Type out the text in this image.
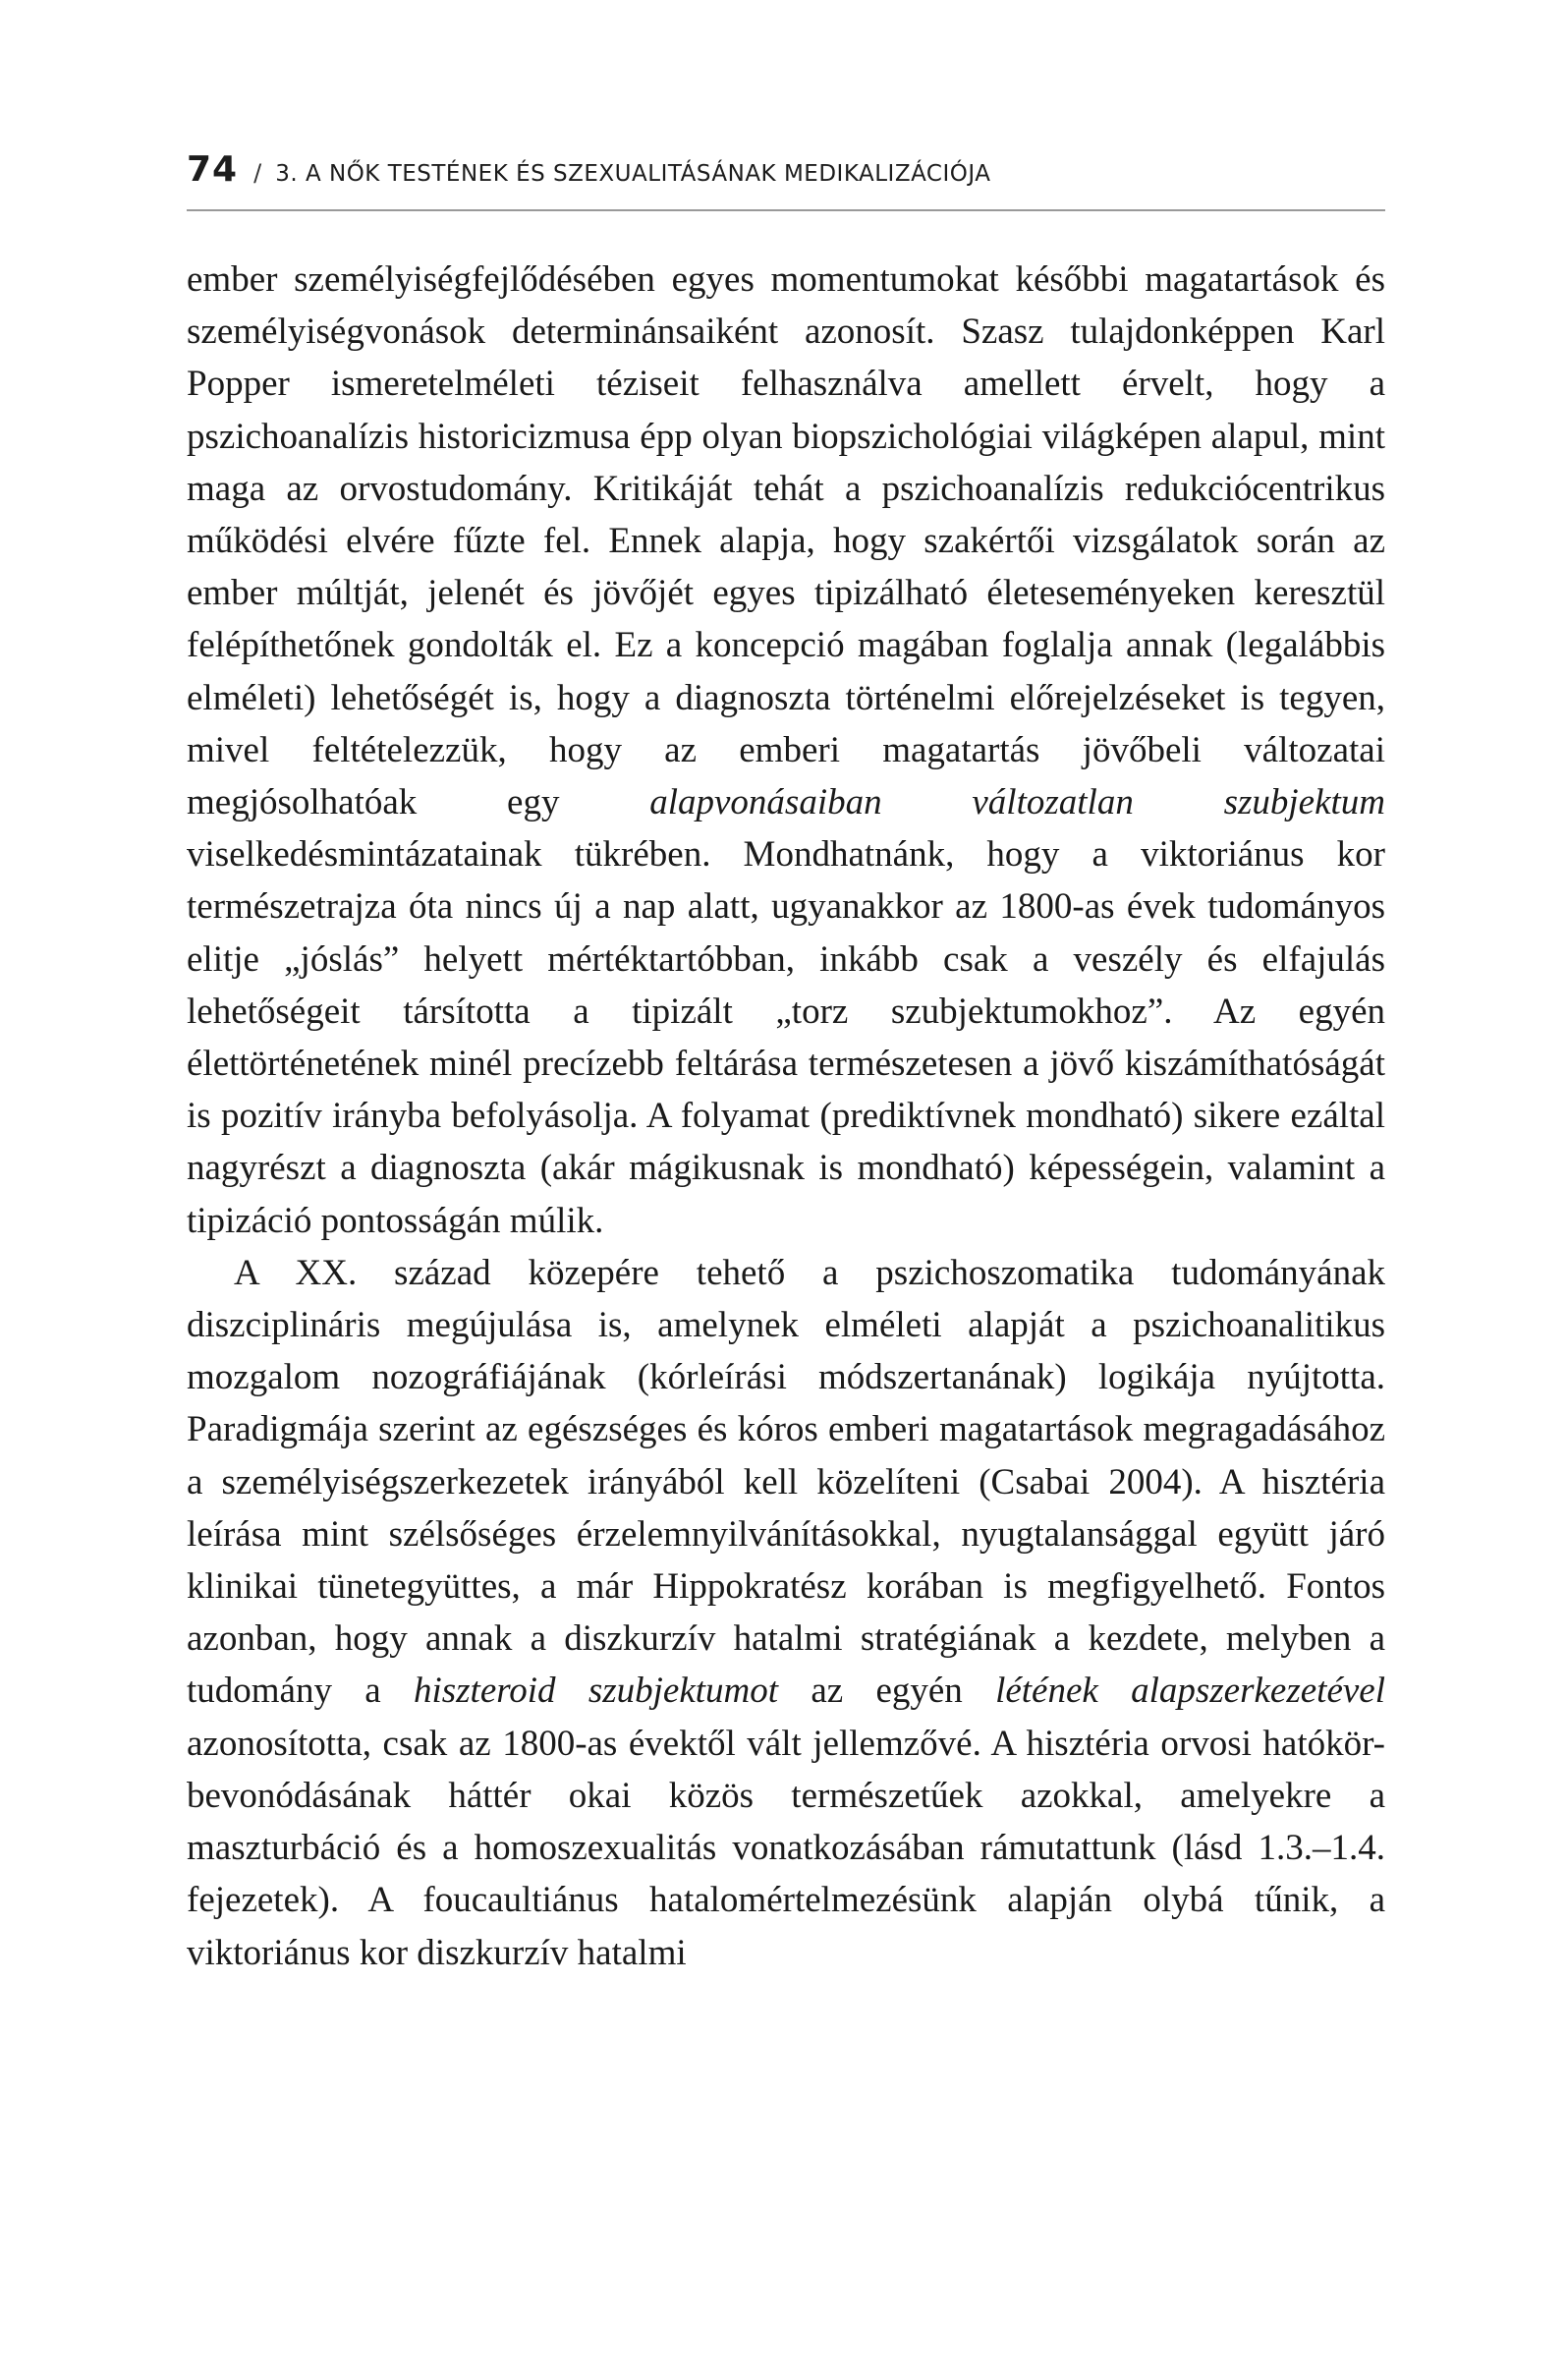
74 / 3. A NŐK TESTÉNEK ÉS SZEXUALITÁSÁNAK MEDIKALIZÁCIÓJA

ember személyiségfejlődésében egyes momentumokat későbbi magatartások és személyiségvonások determinánsaiként azonosít. Szasz tulajdonképpen Karl Popper ismeretelméleti téziseit felhasználva amellett érvelt, hogy a pszichoanalízis historicizmusa épp olyan biopszichológiai világképen alapul, mint maga az orvostudomány. Kritikáját tehát a pszichoanalízis redukciócentrikus működési elvére fűzte fel. Ennek alapja, hogy szakértői vizsgálatok során az ember múltját, jelenét és jövőjét egyes tipizálható életeseményeken keresztül felépíthetőnek gondolták el. Ez a koncepció magában foglalja annak (legalábbis elméleti) lehetőségét is, hogy a diagnoszta történelmi előrejelzéseket is tegyen, mivel feltételezzük, hogy az emberi magatartás jövőbeli változatai megjósolhatóak egy alapvonásaiban változatlan szubjektum viselkedésmintázatainak tükrében. Mondhatnánk, hogy a viktoriánus kor természetrajza óta nincs új a nap alatt, ugyanakkor az 1800-as évek tudományos elitje „jóslás” helyett mértéktartóbban, inkább csak a veszély és elfajulás lehetőségeit társította a tipizált „torz szubjektumokhoz”. Az egyén élettörténetének minél precízebb feltárása természetesen a jövő kiszámíthatóságát is pozitív irányba befolyásolja. A folyamat (prediktívnek mondható) sikere ezáltal nagyrészt a diagnoszta (akár mágikusnak is mondható) képességein, valamint a tipizáció pontosságán múlik.

A XX. század közepére tehető a pszichoszomatika tudományának diszciplináris megújulása is, amelynek elméleti alapját a pszichoanalitikus mozgalom nozográfiájának (kórleírási módszertanának) logikája nyújtotta. Paradigmája szerint az egészséges és kóros emberi magatartások megragadásához a személyiségszerkezetek irányából kell közelíteni (Csabai 2004). A hisztéria leírása mint szélsőséges érzelemnyilvánításokkal, nyugtalansággal együtt járó klinikai tünetegyüttes, a már Hippokratész korában is megfigyelhető. Fontos azonban, hogy annak a diszkurzív hatalmi stratégiának a kezdete, melyben a tudomány a hiszteroid szubjektumot az egyén létének alapszerkezetével azonosította, csak az 1800-as évektől vált jellemzővé. A hisztéria orvosi hatókör-bevonódásának háttér okai közös természetűek azokkal, amelyekre a maszturbáció és a homoszexualitás vonatkozásában rámutattunk (lásd 1.3.–1.4. fejezetek). A foucaultiánus hatalomértelmezésünk alapján olybá tűnik, a viktoriánus kor diszkurzív hatalmi
